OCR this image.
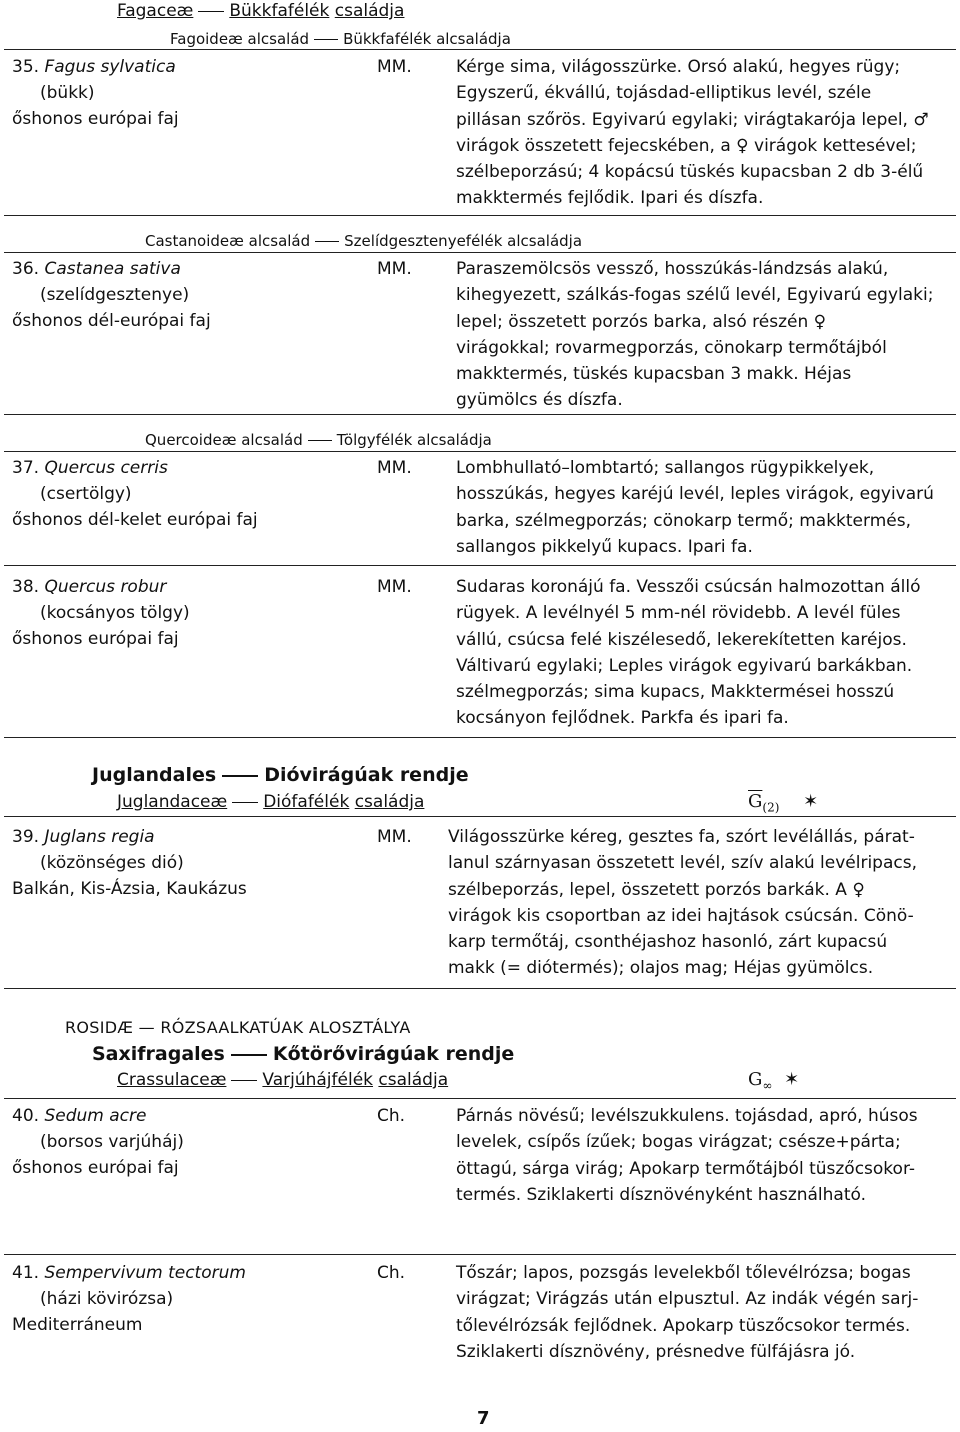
Fagaceæ Bükkfafélék családja
Fagoideæ alcsalád Bükkfafélék alcsaládja
35. Fagus sylvatica
(bükk)
őshonos európai faj
MM.	Kérge sima, világosszürke. Orsó alakú, hegyes rügy;
Egyszerű, ékvállú, tojásdad-elliptikus levél, széle
pillásan szőrös. Egyivarú egylaki; virágtakarója lepel, ♂
virágok összetett fejecskében, a ♀ virágok kettesével;
szélbeporzású; 4 kopácsú tüskés kupacsban 2 db 3-élű
makktermés fejlődik. Ipari és díszfa.
Castanoideæ alcsalád Szelídgesztenyefélék alcsaládja
36. Castanea sativa
(szelídgesztenye)
őshonos dél-európai faj
MM.	Paraszemölcsös vessző, hosszúkás-lándzsás alakú,
kihegyezett, szálkás-fogas szélű levél, Egyivarú egylaki;
lepel; összetett porzós barka, alsó részén ♀
virágokkal; rovarmegporzás, cönokarp termőtájból
makktermés, tüskés kupacsban 3 makk. Héjas
gyümölcs és díszfa.
Quercoideæ alcsalád Tölgyfélék alcsaládja
37. Quercus cerris
(csertölgy)
őshonos dél-kelet európai faj
MM.	Lombhullató–lombtartó; sallangos rügypikkelyek,
hosszúkás, hegyes karéjú levél, leples virágok, egyivarú
barka, szélmegporzás; cönokarp termő; makktermés,
sallangos pikkelyű kupacs. Ipari fa.
38. Quercus robur
(kocsányos tölgy)
őshonos európai faj
MM.	Sudaras koronájú fa. Vesszői csúcsán halmozottan álló
rügyek. A levélnyél 5 mm-nél rövidebb. A levél füles
vállú, csúcsa felé kiszélesedő, lekerekítetten karéjos.
Váltivarú egylaki; Leples virágok egyivarú barkákban.
szélmegporzás; sima kupacs, Makktermései hosszú
kocsányon fejlődnek. Parkfa és ipari fa.
Juglandales	Dióvirágúak rendje
Juglandaceæ Diófafélék családja	$\overline{G}_{(2)}$ ✶
39. Juglans regia
(közönséges dió)
Balkán, Kis-Ázsia, Kaukázus
MM. Világosszürke kéreg, gesztes fa, szórt levélállás, párat-
lanul szárnyasan összetett levél, szív alakú levélripacs,
szélbeporzás, lepel, összetett porzós barkák. A ♀
virágok kis csoportban az idei hajtások csúcsán. Cönö-
karp termőtáj, csonthéjashoz hasonló, zárt kupacsú
makk (= diótermés); olajos mag; Héjas gyümölcs.
ROSIDÆ — RÓZSAALKATÚAK ALOSZTÁLYA
Saxifragales	Kőtörővirágúak rendje
Crassulaceæ Varjúhájfélék családja	$G_\infty$ ✶
40. Sedum acre
(borsos varjúháj)
őshonos európai faj
Ch.	Párnás növésű; levélszukkulens. tojásdad, apró, húsos
levelek, csípős ízűek; bogas virágzat; csésze+párta;
öttagú, sárga virág; Apokarp termőtájból tüszőcsokor-
termés. Sziklakerti dísznövényként használható.
41. Sempervivum tectorum
(házi kövirózsa)
Mediterráneum
Ch.	Tőszár; lapos, pozsgás levelekből tőlevélrózsa; bogas
virágzat; Virágzás után elpusztul. Az indák végén sarj-
tőlevélrózsák fejlődnek. Apokarp tüszőcsokor termés.
Sziklakerti dísznövény, présnedve fülfájásra jó.
7
